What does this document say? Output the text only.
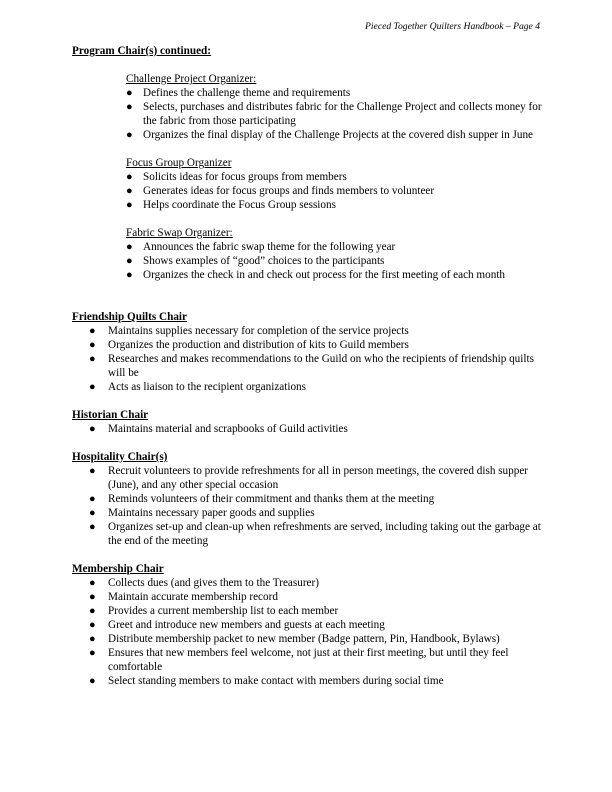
Pieced Together Quilters Handbook – Page 4
Program Chair(s) continued:
Challenge Project Organizer:
● Defines the challenge theme and requirements
● Selects, purchases and distributes fabric for the Challenge Project and collects money for the fabric from those participating
● Organizes the final display of the Challenge Projects at the covered dish supper in June
Focus Group Organizer
● Solicits ideas for focus groups from members
● Generates ideas for focus groups and finds members to volunteer
● Helps coordinate the Focus Group sessions
Fabric Swap Organizer:
● Announces the fabric swap theme for the following year
● Shows examples of “good” choices to the participants
● Organizes the check in and check out process for the first meeting of each month
Friendship Quilts Chair
● Maintains supplies necessary for completion of the service projects
● Organizes the production and distribution of kits to Guild members
● Researches and makes recommendations to the Guild on who the recipients of friendship quilts will be
● Acts as liaison to the recipient organizations
Historian Chair
● Maintains material and scrapbooks of Guild activities
Hospitality Chair(s)
● Recruit volunteers to provide refreshments for all in person meetings, the covered dish supper (June), and any other special occasion
● Reminds volunteers of their commitment and thanks them at the meeting
● Maintains necessary paper goods and supplies
● Organizes set-up and clean-up when refreshments are served, including taking out the garbage at the end of the meeting
Membership Chair
● Collects dues (and gives them to the Treasurer)
● Maintain accurate membership record
● Provides a current membership list to each member
● Greet and introduce new members and guests at each meeting
● Distribute membership packet to new member (Badge pattern, Pin, Handbook, Bylaws)
● Ensures that new members feel welcome, not just at their first meeting, but until they feel comfortable
● Select standing members to make contact with members during social time
